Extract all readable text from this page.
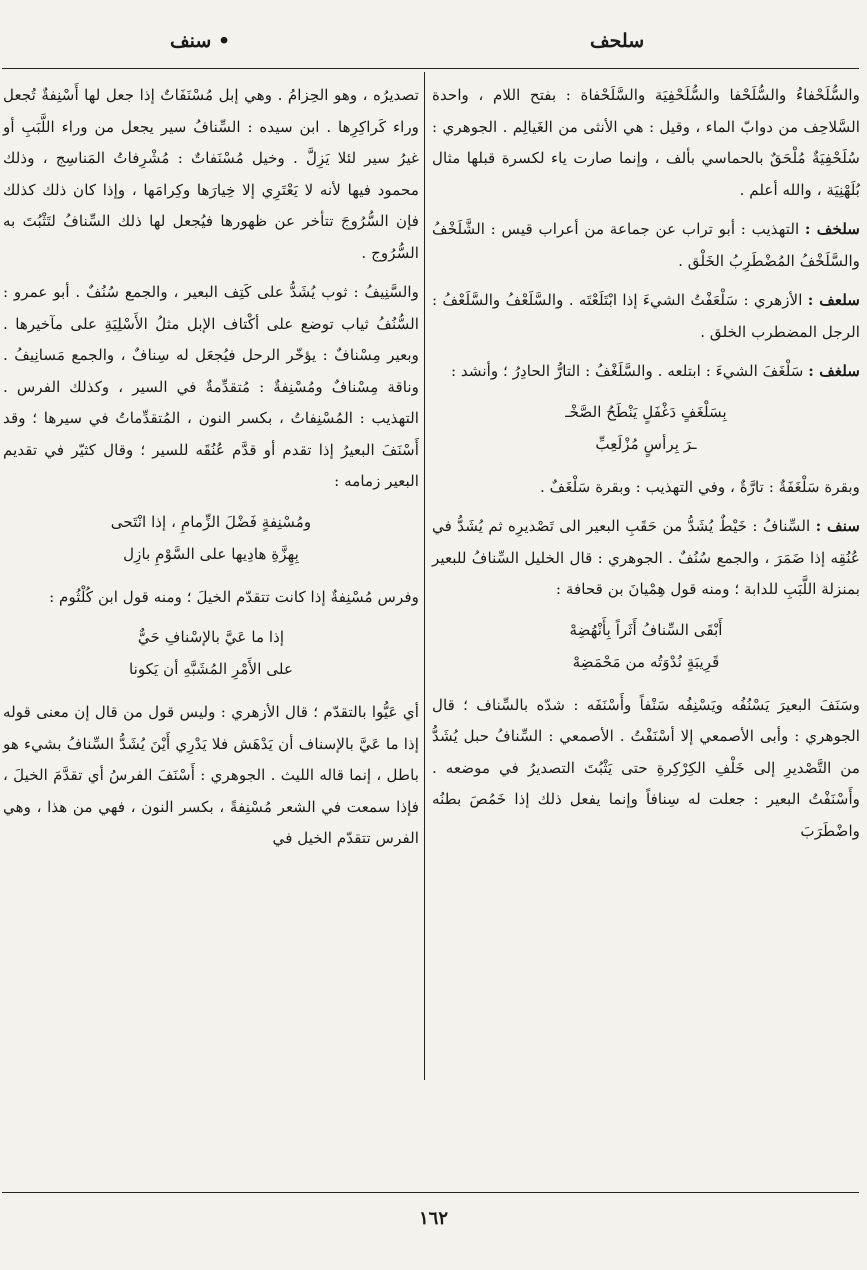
سلحف
سنف •

والسُّلَحْفاءُ والسُّلَحْفا والسُّلَحْفِيَة والسَّلَحْفاة : بفتح اللام ، واحدة السَّلاحِف من دوابّ الماء ، وقيل : هي الأنثى من الغَيالِم . الجوهري : سُلَحْفِيَةٌ مُلْحَقٌ بالحماسي بألف ، وإنما صارت ياء لكسرة قبلها مثال بُلَهْنِيَة ، والله أعلم .

سلخف : التهذيب : أبو تراب عن جماعة من أعراب قيس : الشَّلَخْفُ والسَّلَخْفُ المُضْطَرِبُ الخَلْق .

سلعف : الأزهري : سَلْعَفْتُ الشيءَ إذا ابْتَلَعْتَه . والسَّلَعْفُ والسَّلَعْفُ : الرجل المضطرب الخلق .

سلغف : سَلْغَفَ الشيءَ : ابتلعه . والسَّلَغْفُ : التارُّ الحادِرُ ؛ وأنشد :

بِسَلْغَفٍ دَغْفَلٍ يَنْطَحُ الصَّخْـ
ـرَ بِرأسٍ مُزْلَعِبِّ

وبقرة سَلْغَفَةٌ : تارَّةٌ ، وفي التهذيب : وبقرة سَلْغَفٌ .

سنف : السِّنافُ : خَيْطٌ يُشَدُّ من حَقَبِ البعير الى تَصْديرِه ثم يُشَدُّ في عُنُقِه إذا ضَمَرَ ، والجمع سُنُفٌ . الجوهري : قال الخليل السِّنافُ للبعير بمنزلة اللَّبَبِ للدابة ؛ ومنه قول هِمْيانَ بن قحافة :

أَبْقَى السِّنافُ أَثَراً بِأَنْهُضِهْ
قَرِيبَةٍ نُدْوَتُه من مَحْمَضِهْ

وسَنَفَ البعيرَ يَسْنُفُه ويَسْنِفُه سَنْفاً وأَسْنَفَه : شدّه بالسِّناف ؛ قال الجوهري : وأبى الأصمعي إلا أسْنَفْتُ . الأصمعي : السِّنافُ حبل يُشَدُّ من التَّصْديرِ إلى خَلْفِ الكِرْكِرةِ حتى يَثْبُتَ التصديرُ في موضعه . وأَسْنَفْتُ البعير : جعلت له سِنافاً وإنما يفعل ذلك إذا خَمُصَ بطنُه واضْطَرَبَ

تصديرُه ، وهو الحِزامُ . وهي إبل مُسْنَفَاتٌ إذا جعل لها أَسْنِفةٌ تُجعل وراء كَراكِرِها . ابن سيده : السِّنافُ سير يجعل من وراء اللَّبَبِ أو غيرُ سير لئلا يَزِلَّ . وخيل مُسْنَفاتٌ : مُشْرِفاتُ المَناسِج ، وذلك محمود فيها لأنه لا يَعْتَرِي إلا خِيارَها وكِرامَها ، وإذا كان ذلك كذلك فإن السُّرُوجَ تتأخر عن ظهورها فيُجعل لها ذلك السِّنافُ لتَثْبُتَ به السُّرُوج .

والسَّنِيفُ : ثوب يُشَدُّ على كَتِف البعير ، والجمع سُنُفٌ . أبو عمرو : السُّنُفُ ثياب توضع على أكْتاف الإبل مثلُ الأَسْلِيَةِ على مآخيرها . وبعير مِسْنافٌ : يؤخّر الرحل فيُجعَل له سِنافٌ ، والجمع مَسانِيفُ . وناقة مِسْنافٌ ومُسْنِفةٌ : مُتقدِّمةٌ في السير ، وكذلك الفرس . التهذيب : المُسْنِفاتُ ، بكسر النون ، المُتقدِّماتُ في سيرها ؛ وقد أَسْنَفَ البعيرُ إذا تقدم أو قدَّم عُنُقَه للسير ؛ وقال كثيّر في تقديم البعير زمامه :

ومُسْنِفةٍ فَضْلَ الزِّمامِ ، إذا انْتَحى
بِهِزَّةِ هادِيها على السَّوْمِ بازِل

وفرس مُسْنِفةٌ إذا كانت تتقدّم الخيلَ ؛ ومنه قول ابن كُلْثُوم :

إذا ما عَيَّ بالإسْنافِ حَيٌّ
على الأَمْرِ المُشَبَّهِ أن يَكونا

أي عَيُّوا بالتقدّم ؛ قال الأزهري : وليس قول من قال إن معنى قوله إذا ما عَيَّ بالإسناف أن يَدْهَش فلا يَدْرِي أَيْنَ يُشَدُّ السِّنافُ بشيء هو باطل ، إنما قاله الليث . الجوهري : أَسْنَفَ الفرسُ أي تقدَّمَ الخيلَ ، فإذا سمعت في الشعر مُسْنِفةً ، بكسر النون ، فهي من هذا ، وهي الفرس تتقدّم الخيل في

١٦٢
